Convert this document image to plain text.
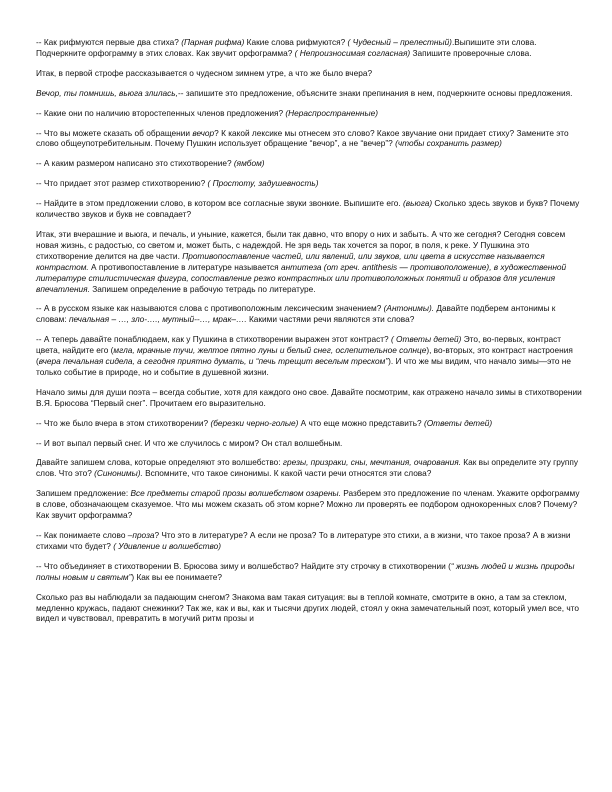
-- Как рифмуются первые два стиха? (Парная рифма) Какие слова рифмуются? ( Чудесный – прелестный).Выпишите эти слова. Подчеркните орфограмму в этих словах. Как звучит орфограмма? ( Непроизносимая согласная) Запишите проверочные слова.

Итак, в первой строфе рассказывается о чудесном зимнем утре, а что же было вчера?

Вечор, ты помнишь, вьюга злилась,-- запишите это предложение, объясните знаки препинания в нем, подчеркните основы предложения.

-- Какие они по наличию второстепенных членов предложения? (Нераспространенные)

-- Что вы можете сказать об обращении вечор? К какой лексике мы отнесем это слово? Какое звучание они придает стиху? Замените это слово общеупотребительным. Почему Пушкин использует обращение “вечор”, а не “вечер”? (чтобы сохранить размер)

-- А каким размером написано это стихотворение? (ямбом)

-- Что придает этот размер стихотворению? ( Простоту, задушевность)

-- Найдите в этом предложении слово, в котором все согласные звуки звонкие. Выпишите его. (вьюга) Сколько здесь звуков и букв? Почему количество звуков и букв не совпадает?

Итак, эти вчерашние и вьюга, и печаль, и уныние, кажется, были так давно, что впору о них и забыть. А что же сегодня? Сегодня совсем новая жизнь, с радостью, со светом и, может быть, с надеждой. Не зря ведь так хочется за порог, в поля, к реке. У Пушкина это стихотворение делится на две части. Противопоставление частей, или явлений, или звуков, или цвета в искусстве называется контрастом. А противопоставление в литературе называется антитеза (от греч. antithesis — противоположение), в художественной литературе стилистическая фигура, сопоставление резко контрастных или противоположных понятий и образов для усиления впечатления. Запишем определение в рабочую тетрадь по литературе.

-- А в русском языке как называются слова с противоположным лексическим значением? (Антонимы). Давайте подберем антонимы к словам: печальная – …, зло-…., мутный--…, мрак–…. Какими частями речи являются эти слова?

-- А теперь давайте понаблюдаем, как у Пушкина в стихотворении выражен этот контраст? ( Ответы детей) Это, во-первых, контраст цвета, найдите его (мгла, мрачные тучи, желтое пятно луны и белый снег, ослепительное солнце), во-вторых, это контраст настроения (вчера печальная сидела, а сегодня приятно думать, и “печь трещит веселым треском”). И что же мы видим, что начало зимы—это не только событие в природе, но и событие в душевной жизни.

Начало зимы для души поэта – всегда событие, хотя для каждого оно свое. Давайте посмотрим, как отражено начало зимы в стихотворении В.Я. Брюсова “Первый снег”. Прочитаем его выразительно.

-- Что же было вчера в этом стихотворении? (березки черно-голые) А что еще можно представить? (Ответы детей)

-- И вот выпал первый снег. И что же случилось с миром? Он стал волшебным.

Давайте запишем слова, которые определяют это волшебство: грезы, призраки, сны, мечтания, очарования. Как вы определите эту группу слов. Что это? (Синонимы). Вспомните, что такое синонимы. К какой части речи относятся эти слова?

Запишем предложение: Все предметы старой прозы волшебством озарены. Разберем это предложение по членам. Укажите орфограмму в слове, обозначающем сказуемое. Что мы можем сказать об этом корне? Можно ли проверять ее подбором однокоренных слов? Почему? Как звучит орфограмма?

-- Как понимаете слово –проза? Что это в литературе? А если не проза? То в литературе это стихи, а в жизни, что такое проза? А в жизни стихами что будет? ( Удивление и волшебство)

-- Что объединяет в стихотворении В. Брюсова зиму и волшебство? Найдите эту строчку в стихотворении (“ жизнь людей и жизнь природы полны новым и святым”) Как вы ее понимаете?

Сколько раз вы наблюдали за падающим снегом? Знакома вам такая ситуация: вы в теплой комнате, смотрите в окно, а там за стеклом, медленно кружась, падают снежинки? Так же, как и вы, как и тысячи других людей, стоял у окна замечательный поэт, который умел все, что видел и чувствовал, превратить в могучий ритм прозы и
